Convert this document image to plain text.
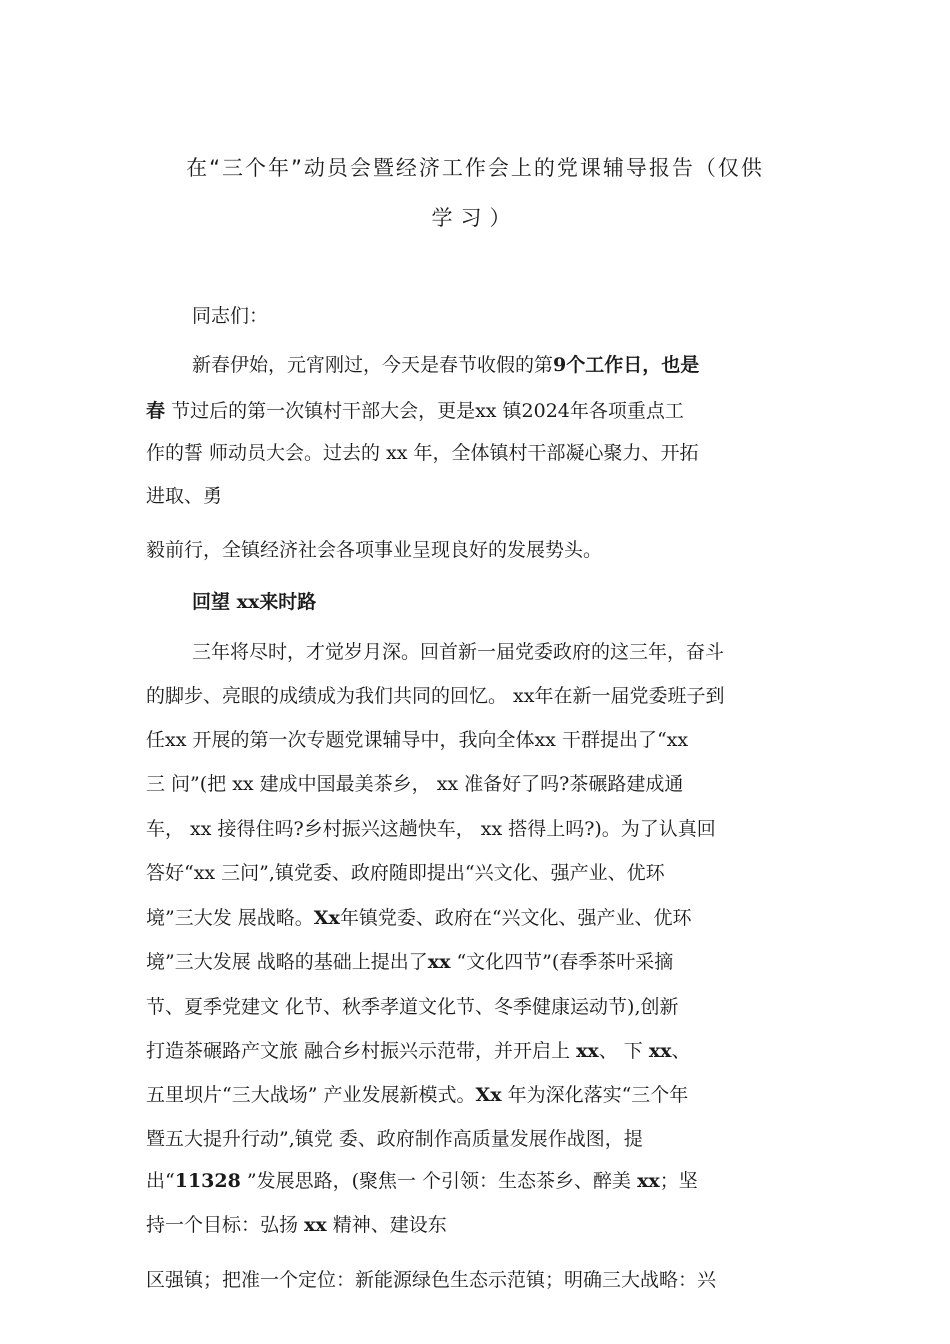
在“三个年”动员会暨经济工作会上的党课辅导报告（仅供
学习）
同志们：
新春伊始，元宵刚过，今天是春节收假的第9个工作日，也是
春 节过后的第一次镇村干部大会，更是xx 镇2024年各项重点工
作的誓 师动员大会。过去的 xx 年，全体镇村干部凝心聚力、开拓
进取、勇
毅前行，全镇经济社会各项事业呈现良好的发展势头。
回望 xx来时路
三年将尽时，才觉岁月深。回首新一届党委政府的这三年，奋斗
的脚步、亮眼的成绩成为我们共同的回忆。 xx年在新一届党委班子到
任xx 开展的第一次专题党课辅导中，我向全体xx 干群提出了“xx
三 问”(把 xx 建成中国最美茶乡， xx 准备好了吗?茶碾路建成通
车， xx 接得住吗?乡村振兴这趟快车， xx 搭得上吗?)。为了认真回
答好“xx 三问”,镇党委、政府随即提出“兴文化、强产业、优环
境”三大发 展战略。Xx年镇党委、政府在“兴文化、强产业、优环
境”三大发展 战略的基础上提出了xx “文化四节”(春季茶叶采摘
节、夏季党建文 化节、秋季孝道文化节、冬季健康运动节),创新
打造茶碾路产文旅 融合乡村振兴示范带，并开启上 xx、 下 xx、
五里坝片“三大战场” 产业发展新模式。Xx 年为深化落实“三个年
暨五大提升行动”,镇党 委、政府制作高质量发展作战图，提
出“11328 ”发展思路，(聚焦一 个引领：生态茶乡、醉美 xx；坚
持一个目标：弘扬 xx 精神、建设东
区强镇；把准一个定位：新能源绿色生态示范镇；明确三大战略：兴
